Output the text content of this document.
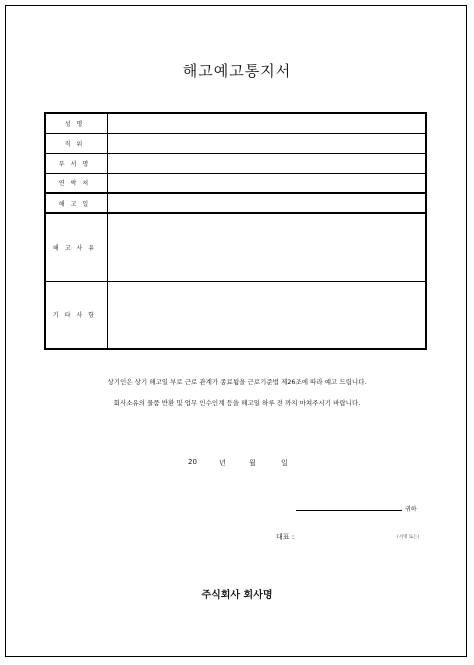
해고예고통지서
성명	
직위	
부서명	
연락처	
해고일	
해고사유	
기타사항	
상기인은 상기 해고일 부로 근로 관계가 종료됨을 근로기준법 제26조에 따라 예고 드립니다.
회사소유의 물품 반환 및 업무 인수인계 등을 해고일 하루 전 까지 마쳐주시기 바랍니다.
20	년	월	일
귀하
대표 :	(서명 또는)
주식회사 회사명
